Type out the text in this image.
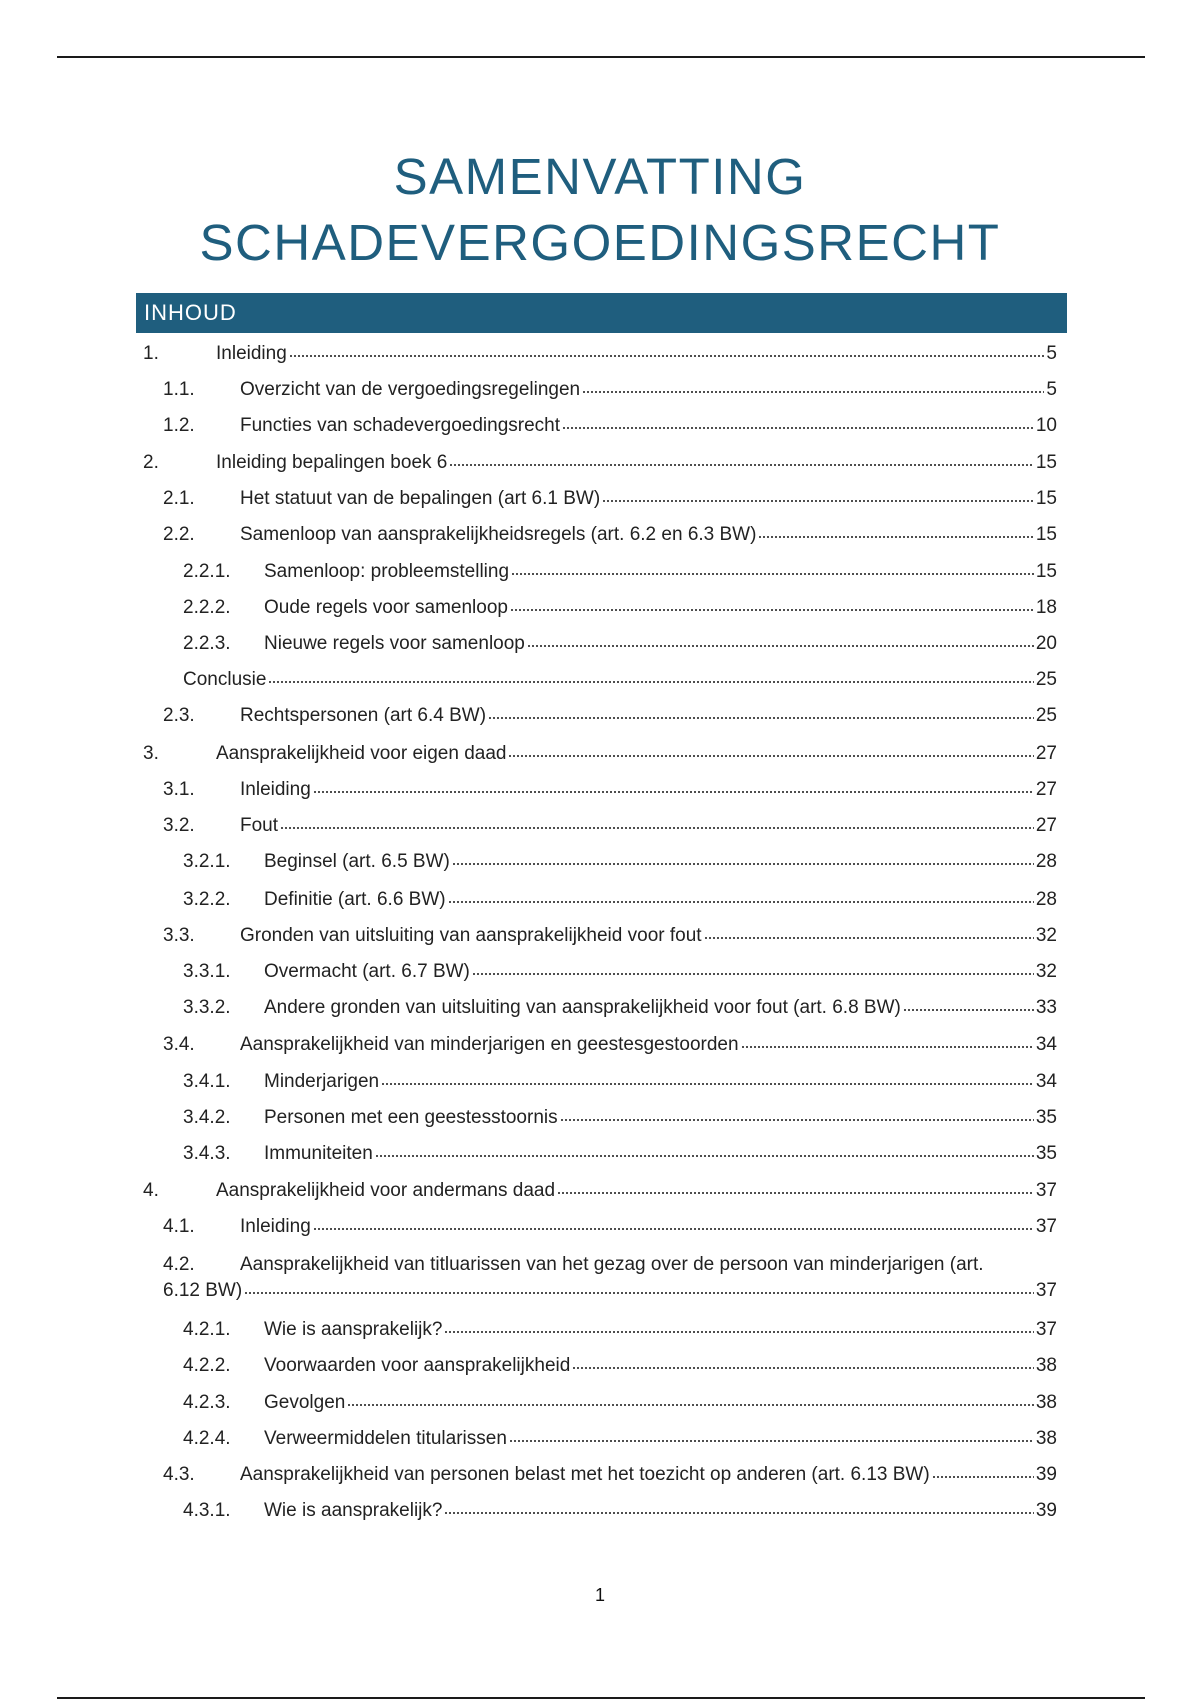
SAMENVATTING
SCHADEVERGOEDINGSRECHT
INHOUD
1.	Inleiding	5
1.1.	Overzicht van de vergoedingsregelingen	5
1.2.	Functies van schadevergoedingsrecht	10
2.	Inleiding bepalingen boek 6	15
2.1.	Het statuut van de bepalingen (art 6.1 BW)	15
2.2.	Samenloop van aansprakelijkheidsregels (art. 6.2 en 6.3 BW)	15
2.2.1.	Samenloop: probleemstelling	15
2.2.2.	Oude regels voor samenloop	18
2.2.3.	Nieuwe regels voor samenloop	20
Conclusie	25
2.3.	Rechtspersonen (art 6.4 BW)	25
3.	Aansprakelijkheid voor eigen daad	27
3.1.	Inleiding	27
3.2.	Fout	27
3.2.1.	Beginsel (art. 6.5 BW)	28
3.2.2.	Definitie (art. 6.6 BW)	28
3.3.	Gronden van uitsluiting van aansprakelijkheid voor fout	32
3.3.1.	Overmacht (art. 6.7 BW)	32
3.3.2.	Andere gronden van uitsluiting van aansprakelijkheid voor fout (art. 6.8 BW)	33
3.4.	Aansprakelijkheid van minderjarigen en geestesgestoorden	34
3.4.1.	Minderjarigen	34
3.4.2.	Personen met een geestesstoornis	35
3.4.3.	Immuniteiten	35
4.	Aansprakelijkheid voor andermans daad	37
4.1.	Inleiding	37
4.2. Aansprakelijkheid van titluarissen van het gezag over de persoon van minderjarigen (art.
6.12 BW)	37
4.2.1.	Wie is aansprakelijk?	37
4.2.2.	Voorwaarden voor aansprakelijkheid	38
4.2.3.	Gevolgen	38
4.2.4.	Verweermiddelen titularissen	38
4.3.	Aansprakelijkheid van personen belast met het toezicht op anderen (art. 6.13 BW)	39
4.3.1.	Wie is aansprakelijk?	39
1
